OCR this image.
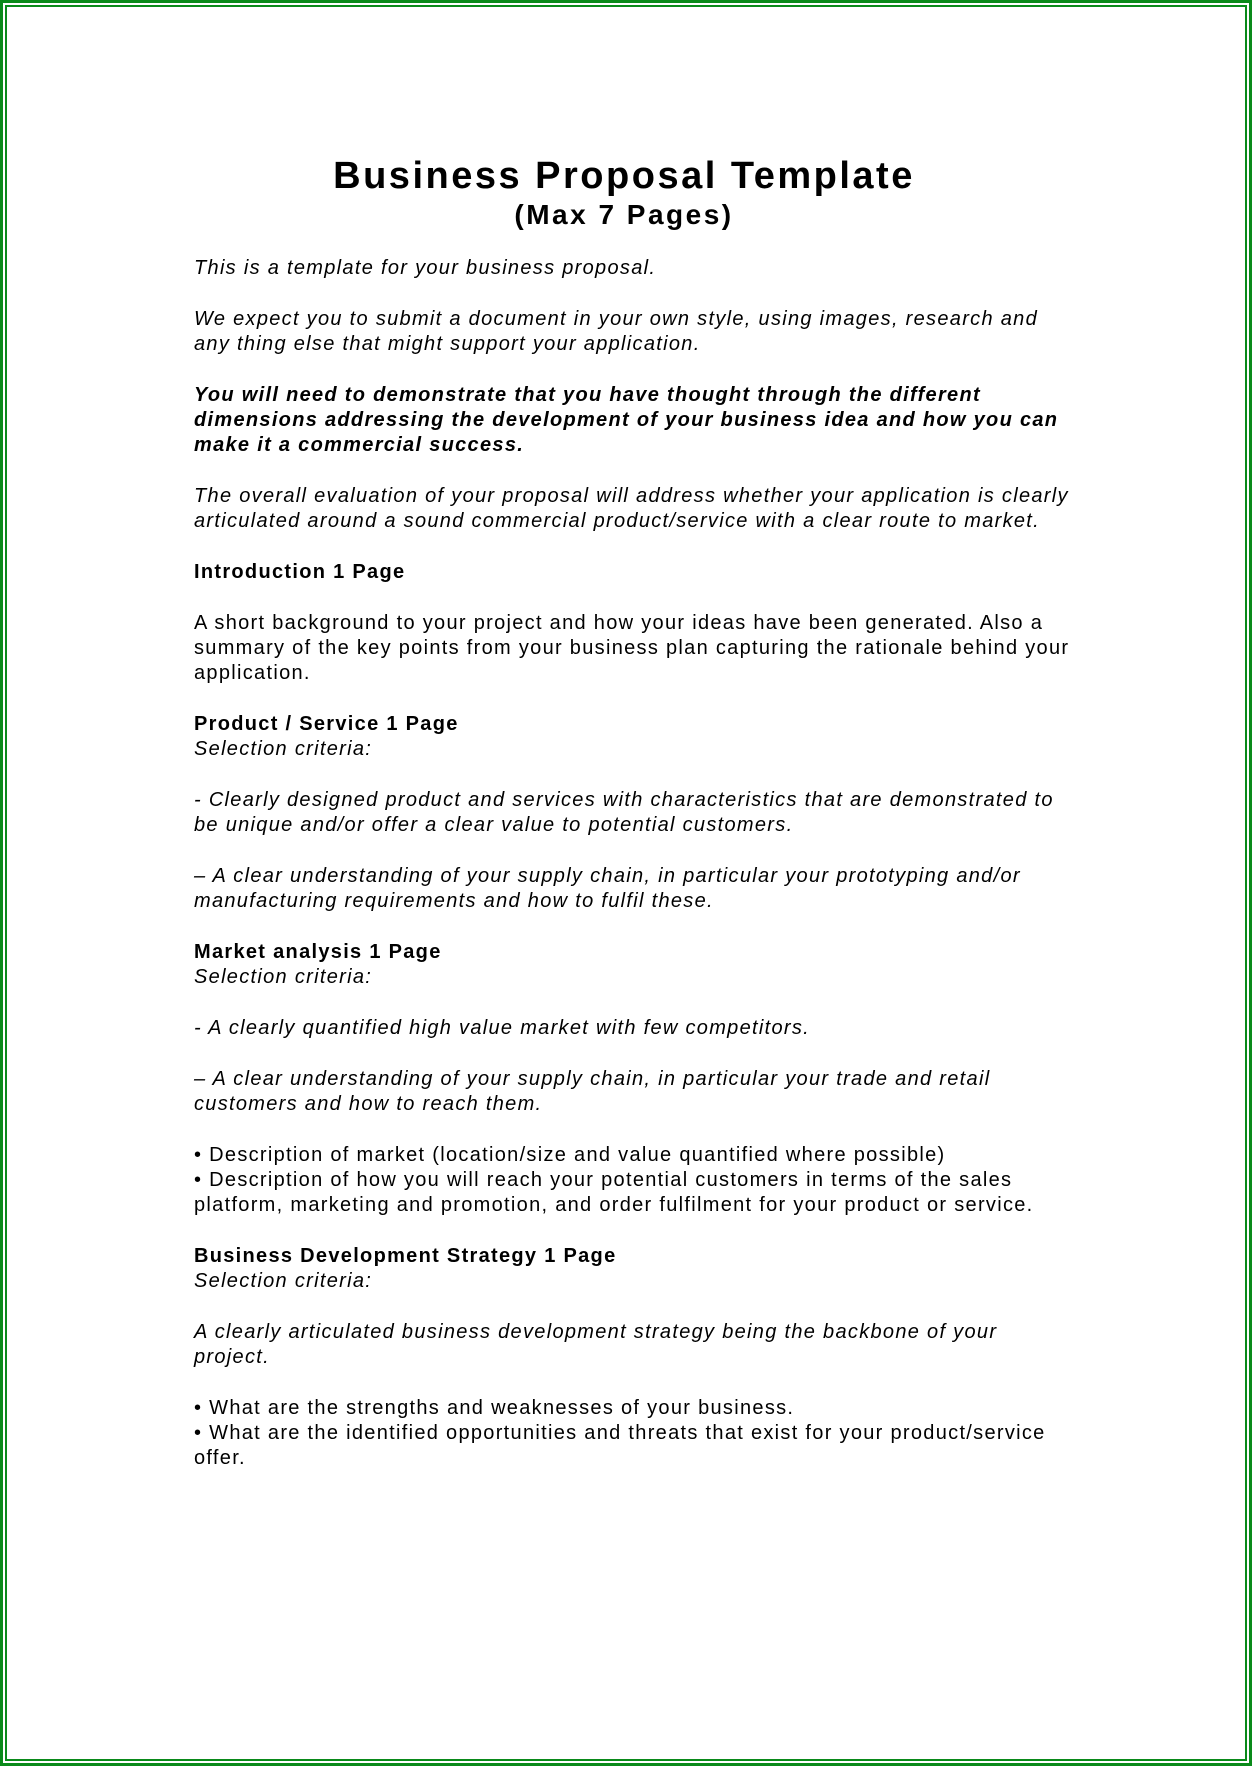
Business Proposal Template
(Max 7 Pages)

This is a template for your business proposal.

We expect you to submit a document in your own style, using images, research and any thing else that might support your application.

You will need to demonstrate that you have thought through the different dimensions addressing the development of your business idea and how you can make it a commercial success.

The overall evaluation of your proposal will address whether your application is clearly articulated around a sound commercial product/service with a clear route to market.

Introduction 1 Page

A short background to your project and how your ideas have been generated. Also a summary of the key points from your business plan capturing the rationale behind your application.

Product / Service 1 Page

Selection criteria:

- Clearly designed product and services with characteristics that are demonstrated to be unique and/or offer a clear value to potential customers.

– A clear understanding of your supply chain, in particular your prototyping and/or manufacturing requirements and how to fulfil these.

Market analysis 1 Page

Selection criteria:

- A clearly quantified high value market with few competitors.

– A clear understanding of your supply chain, in particular your trade and retail customers and how to reach them.

• Description of market (location/size and value quantified where possible)
• Description of how you will reach your potential customers in terms of the sales platform, marketing and promotion, and order fulfilment for your product or service.

Business Development Strategy 1 Page

Selection criteria:

A clearly articulated business development strategy being the backbone of your project.

• What are the strengths and weaknesses of your business.
• What are the identified opportunities and threats that exist for your product/service offer.
